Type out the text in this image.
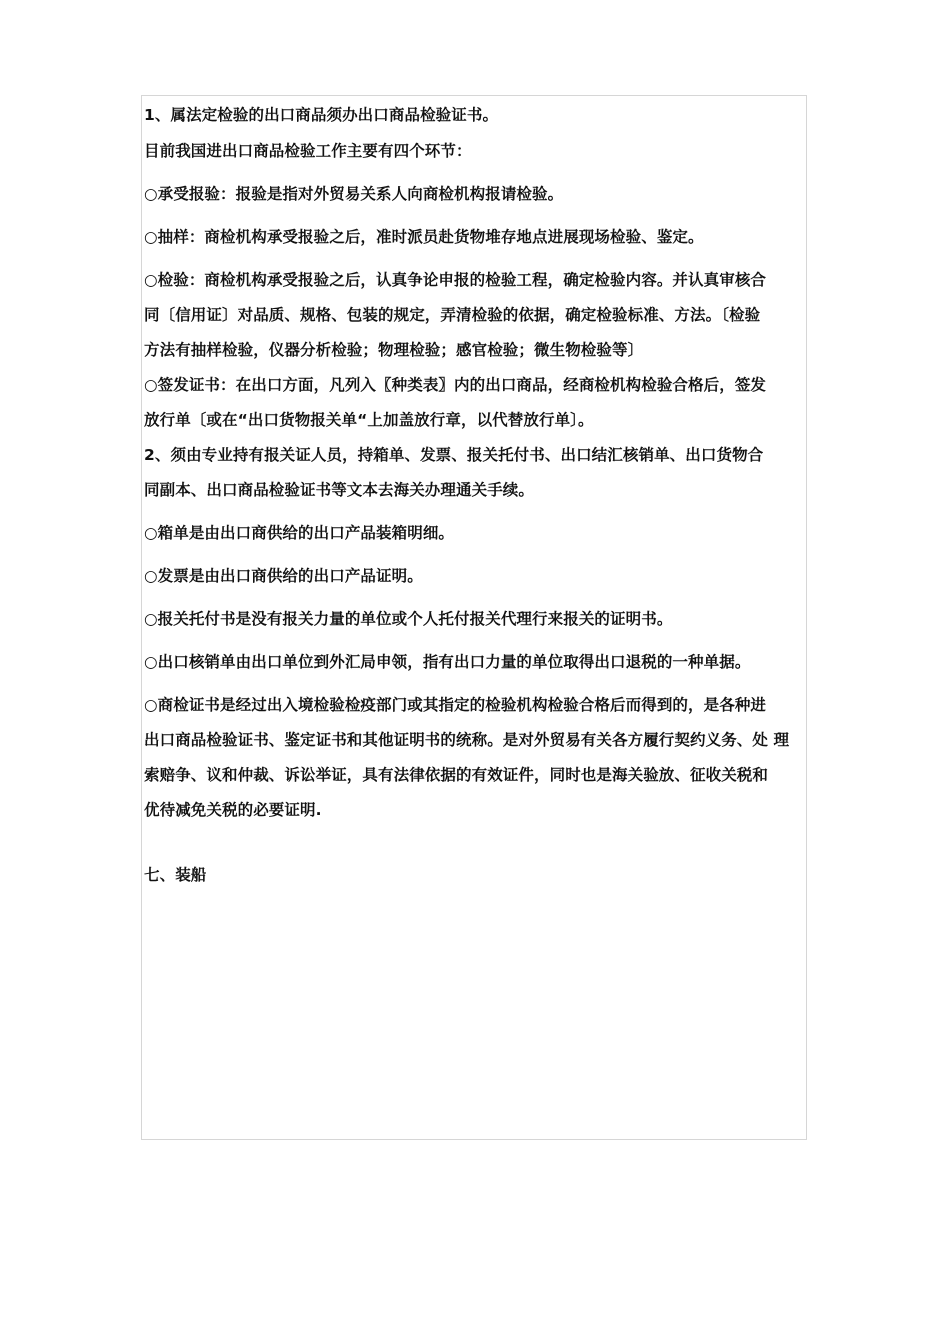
1、属法定检验的出口商品须办出口商品检验证书。
目前我国进出口商品检验工作主要有四个环节：
○承受报验：报验是指对外贸易关系人向商检机构报请检验。
○抽样：商检机构承受报验之后，准时派员赴货物堆存地点进展现场检验、鉴定。
○检验：商检机构承受报验之后，认真争论申报的检验工程，确定检验内容。并认真审核合
同〔信用证〕对品质、规格、包装的规定，弄清检验的依据，确定检验标准、方法。〔检验
方法有抽样检验，仪器分析检验；物理检验；感官检验；微生物检验等〕
○签发证书：在出口方面，凡列入〖种类表〗内的出口商品，经商检机构检验合格后，签发
放行单〔或在“出口货物报关单“上加盖放行章，以代替放行单〕。
2、须由专业持有报关证人员，持箱单、发票、报关托付书、出口结汇核销单、出口货物合
同副本、出口商品检验证书等文本去海关办理通关手续。
○箱单是由出口商供给的出口产品装箱明细。
○发票是由出口商供给的出口产品证明。
○报关托付书是没有报关力量的单位或个人托付报关代理行来报关的证明书。
○出口核销单由出口单位到外汇局申领，指有出口力量的单位取得出口退税的一种单据。
○商检证书是经过出入境检验检疫部门或其指定的检验机构检验合格后而得到的，是各种进
出口商品检验证书、鉴定证书和其他证明书的统称。是对外贸易有关各方履行契约义务、处 理
索赔争、议和仲裁、诉讼举证，具有法律依据的有效证件，同时也是海关验放、征收关税和
优待减免关税的必要证明.
七、装船
